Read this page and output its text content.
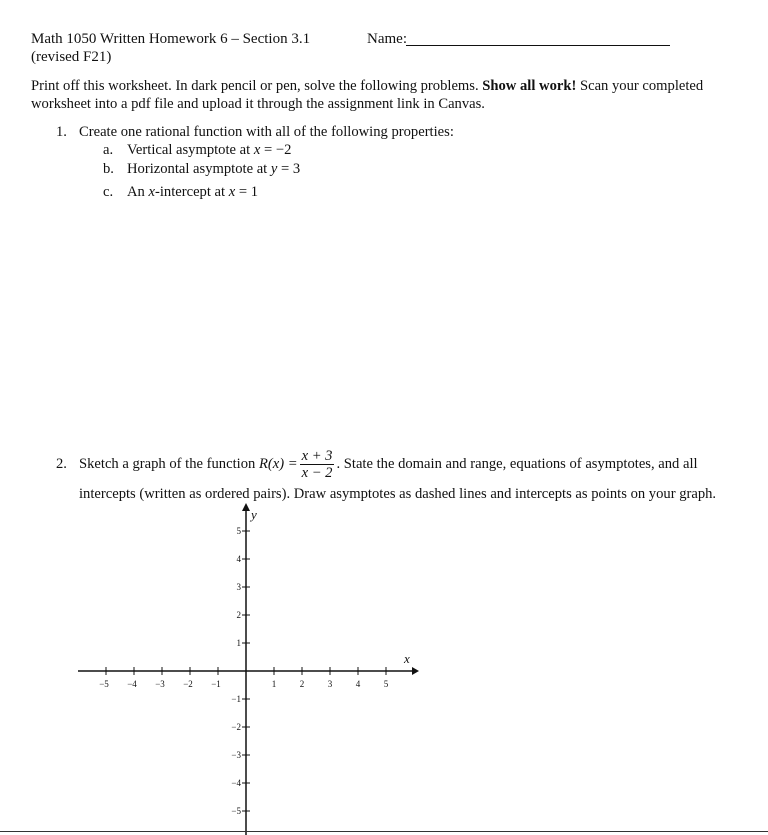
Math 1050 Written Homework 6 – Section 3.1
(revised F21)
Name:
Print off this worksheet. In dark pencil or pen, solve the following problems. Show all work! Scan your completed worksheet into a pdf file and upload it through the assignment link in Canvas.
1. Create one rational function with all of the following properties:
a. Vertical asymptote at x = −2
b. Horizontal asymptote at y = 3
c. An x-intercept at x = 1
2. Sketch a graph of the function
$R(x) = \frac{x + 3}{x - 2}$ . State the domain and range, equations of asymptotes, and all
intercepts (written as ordered pairs). Draw asymptotes as dashed lines and intercepts as points on your graph.
−5 −4 −3 −2 −1	1	2	3	4	5
5
4
3
2
1
−1
−2
−3
−4
−5
x
y
